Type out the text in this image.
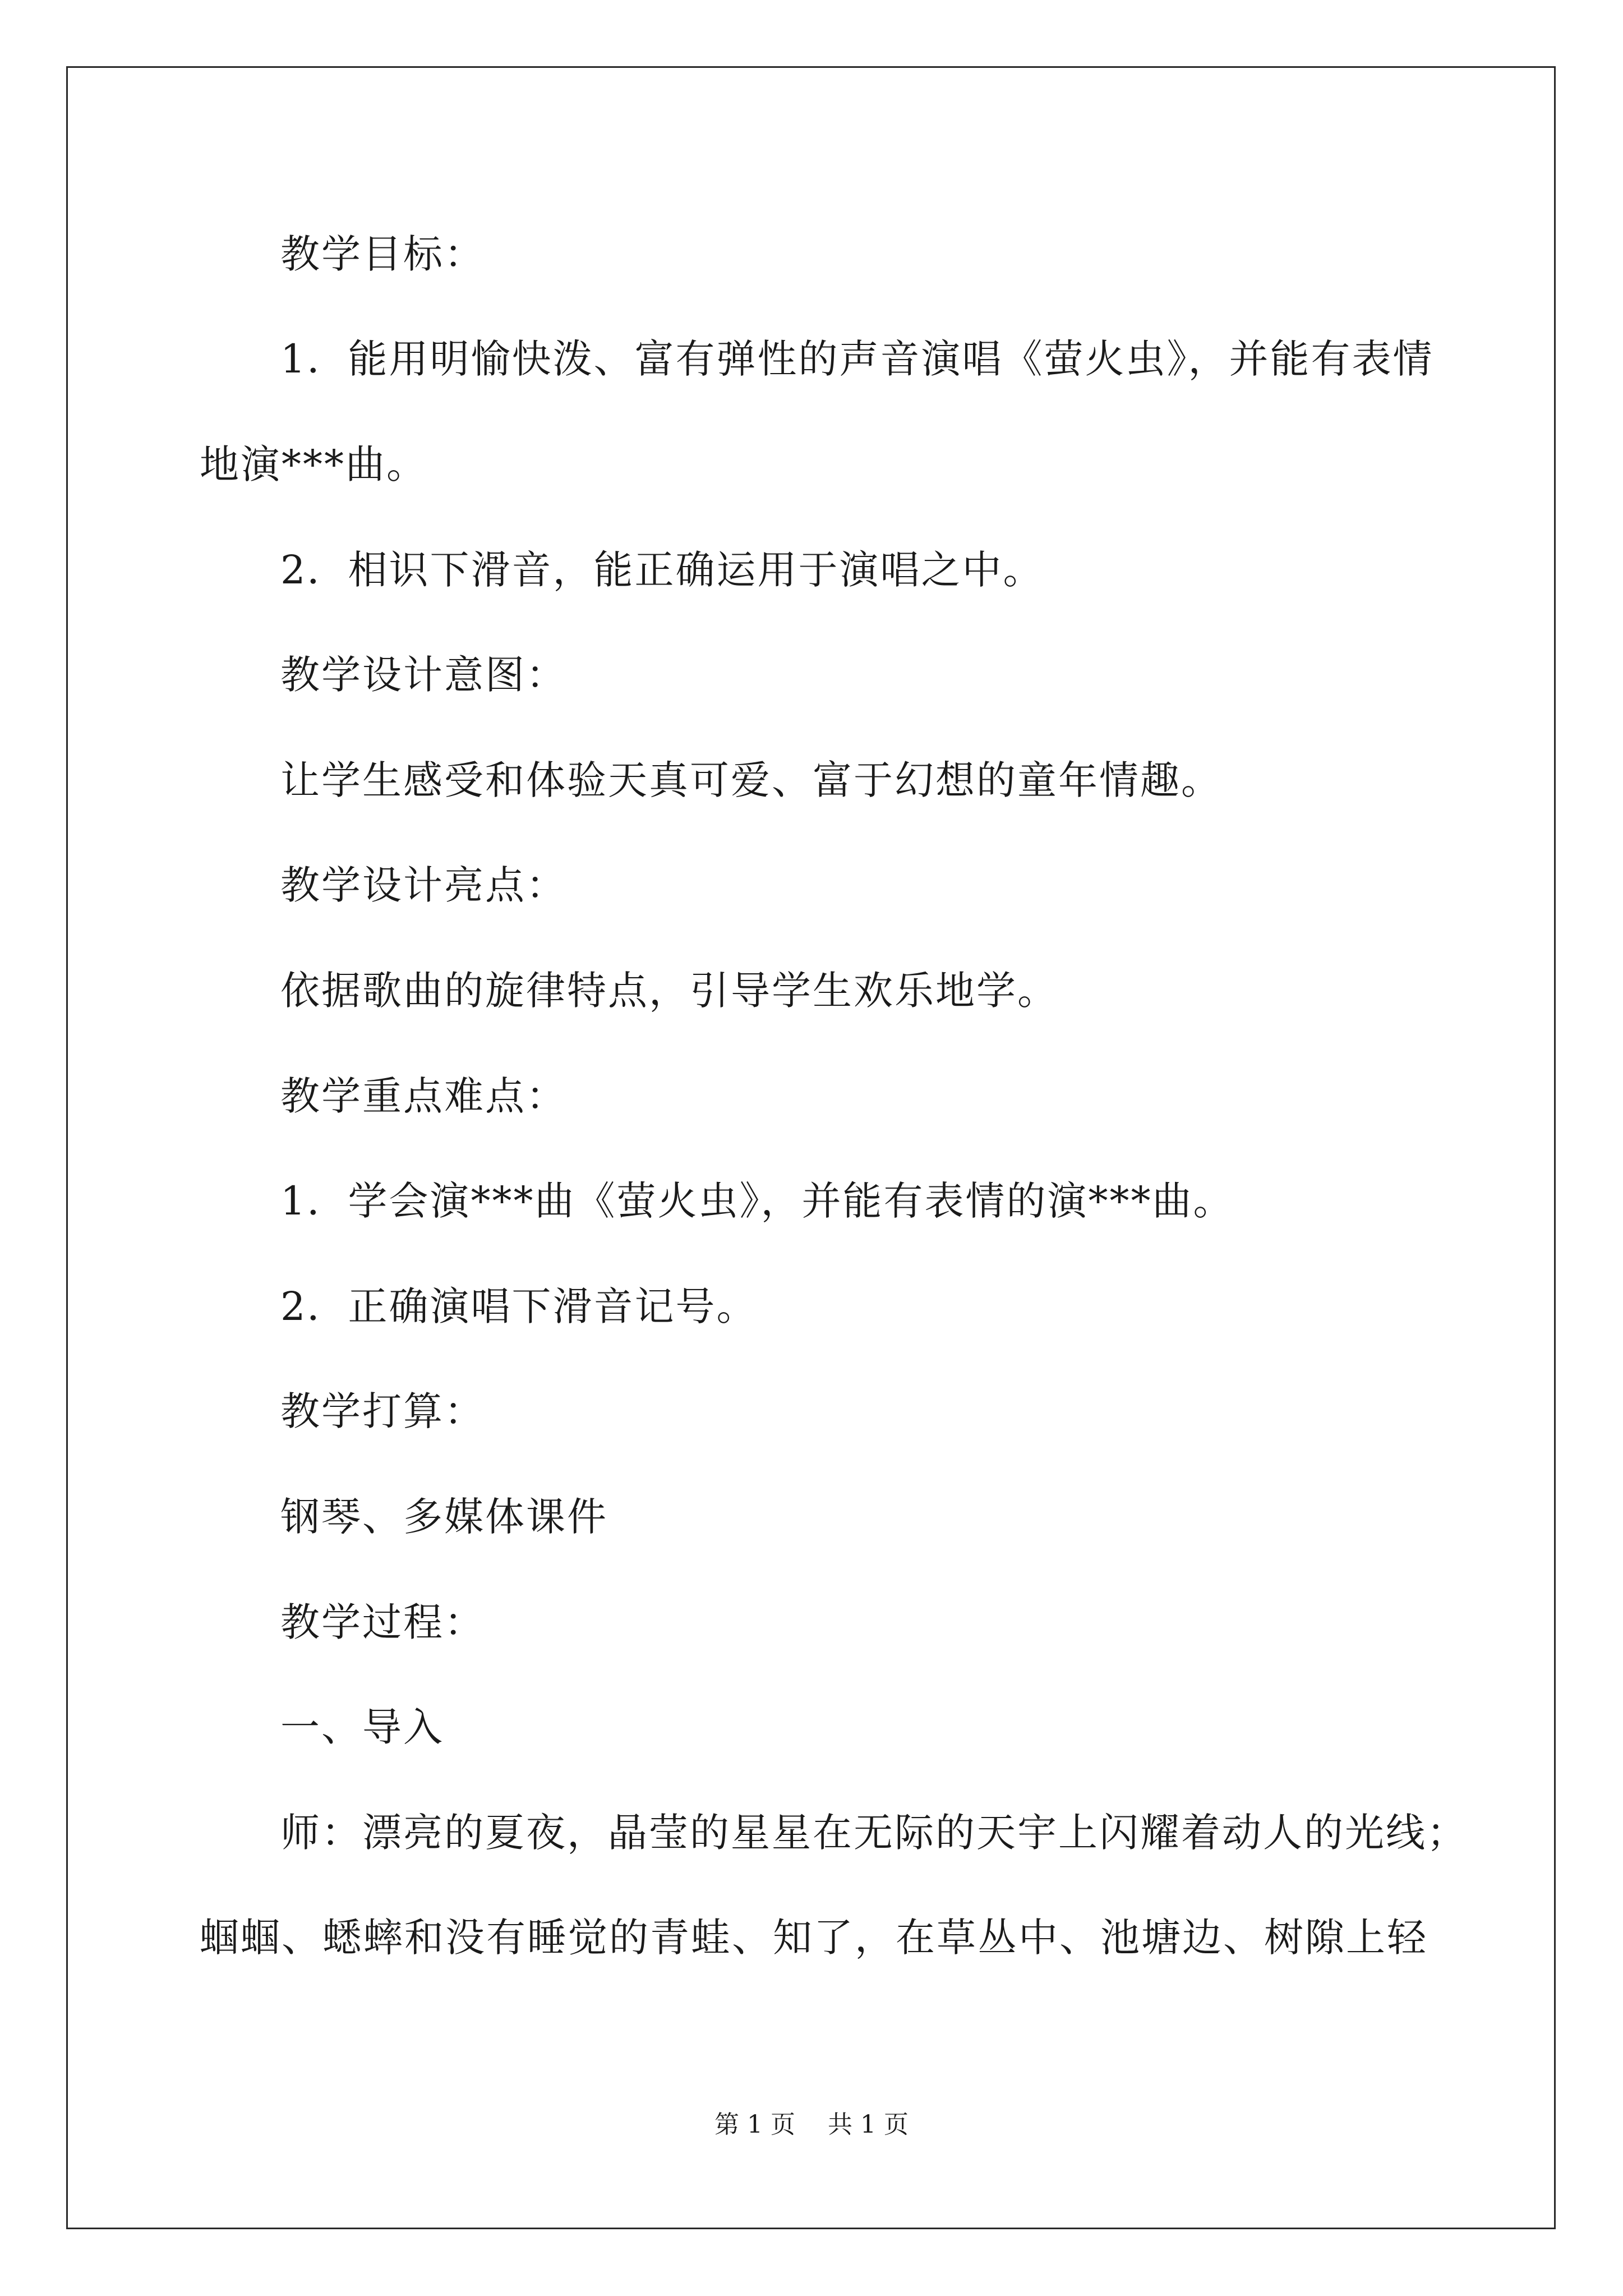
教学目标：
1．能用明愉快泼、富有弹性的声音演唱《萤火虫》，并能有表情
地演***曲。
2．相识下滑音，能正确运用于演唱之中。
教学设计意图：
让学生感受和体验天真可爱、富于幻想的童年情趣。
教学设计亮点：
依据歌曲的旋律特点，引导学生欢乐地学。
教学重点难点：
1．学会演***曲《萤火虫》，并能有表情的演***曲。
2．正确演唱下滑音记号。
教学打算：
钢琴、多媒体课件
教学过程：
一、导入
师：漂亮的夏夜，晶莹的星星在无际的天宇上闪耀着动人的光线；
蝈蝈、蟋蟀和没有睡觉的青蛙、知了，在草丛中、池塘边、树隙上轻
第 1 页 共 1 页
